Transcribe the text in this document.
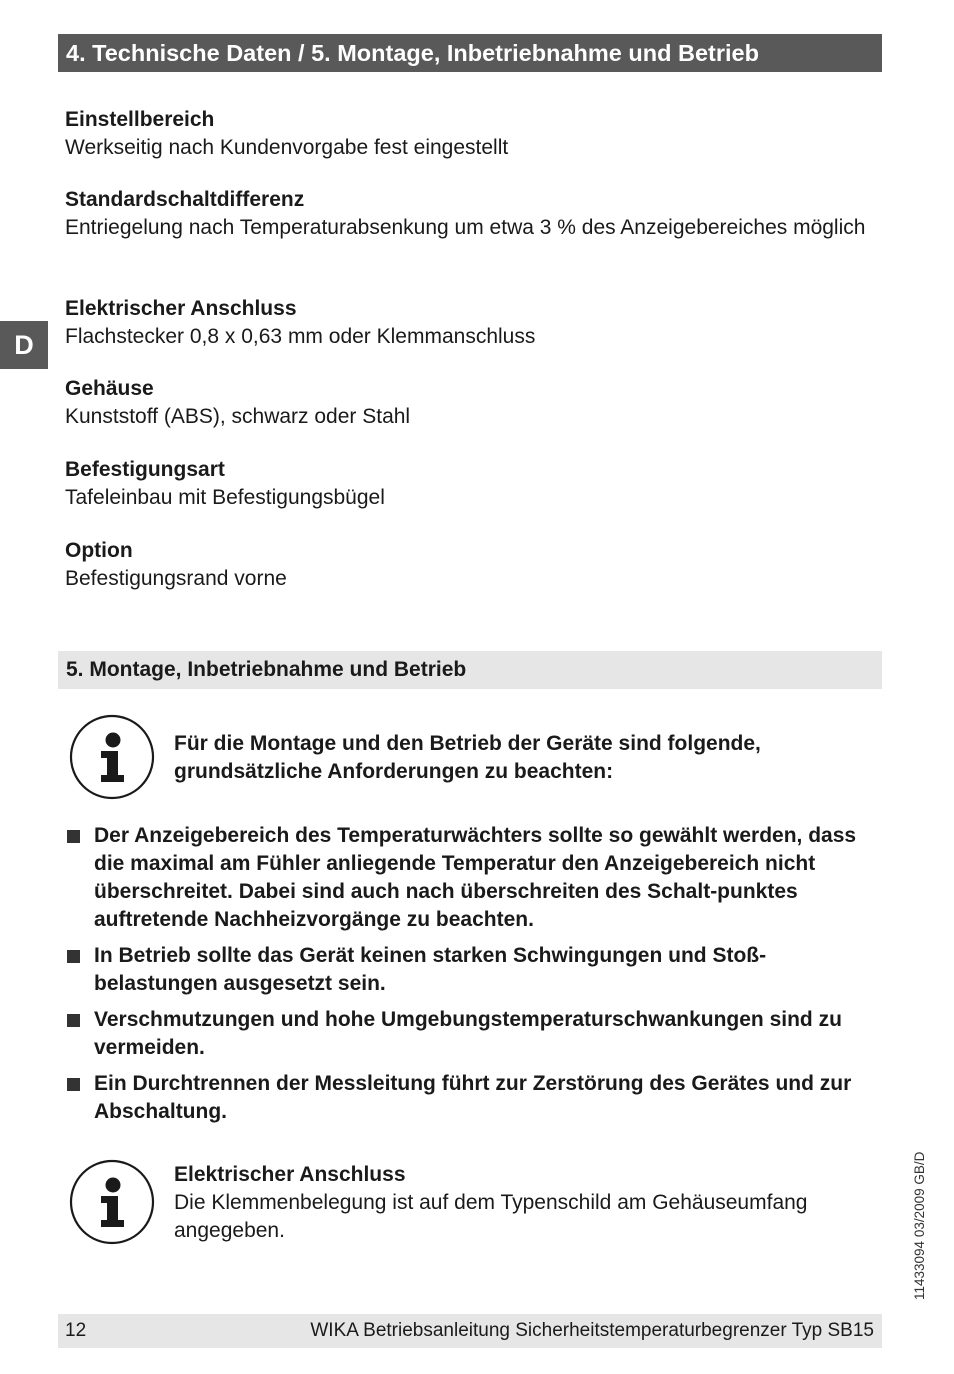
4. Technische Daten / 5. Montage, Inbetriebnahme und Betrieb
D
Einstellbereich
Werkseitig nach Kundenvorgabe fest eingestellt
Standardschaltdifferenz
Entriegelung nach Temperaturabsenkung um etwa 3 % des Anzeigebereiches möglich
Elektrischer Anschluss
Flachstecker 0,8 x 0,63 mm oder Klemmanschluss
Gehäuse
Kunststoff (ABS), schwarz oder Stahl
Befestigungsart
Tafeleinbau mit Befestigungsbügel
Option
Befestigungsrand vorne
5. Montage, Inbetriebnahme und Betrieb
Für die Montage und den Betrieb der Geräte sind folgende, grundsätzliche Anforderungen zu beachten:
Der Anzeigebereich des Temperaturwächters sollte so gewählt werden, dass die maximal am Fühler anliegende Temperatur den Anzeigebereich nicht überschreitet. Dabei sind auch nach überschreiten des Schalt-punktes auftretende Nachheizvorgänge zu beachten.
In Betrieb sollte das Gerät keinen starken Schwingungen und Stoß-belastungen ausgesetzt sein.
Verschmutzungen und hohe Umgebungstemperaturschwankungen sind zu vermeiden.
Ein Durchtrennen der Messleitung führt zur Zerstörung des Gerätes und zur Abschaltung.
Elektrischer Anschluss
Die Klemmenbelegung ist auf dem Typenschild am Gehäuseumfang angegeben.	11433094 03/2009 GB/D
12	WIKA Betriebsanleitung Sicherheitstemperaturbegrenzer Typ SB15
